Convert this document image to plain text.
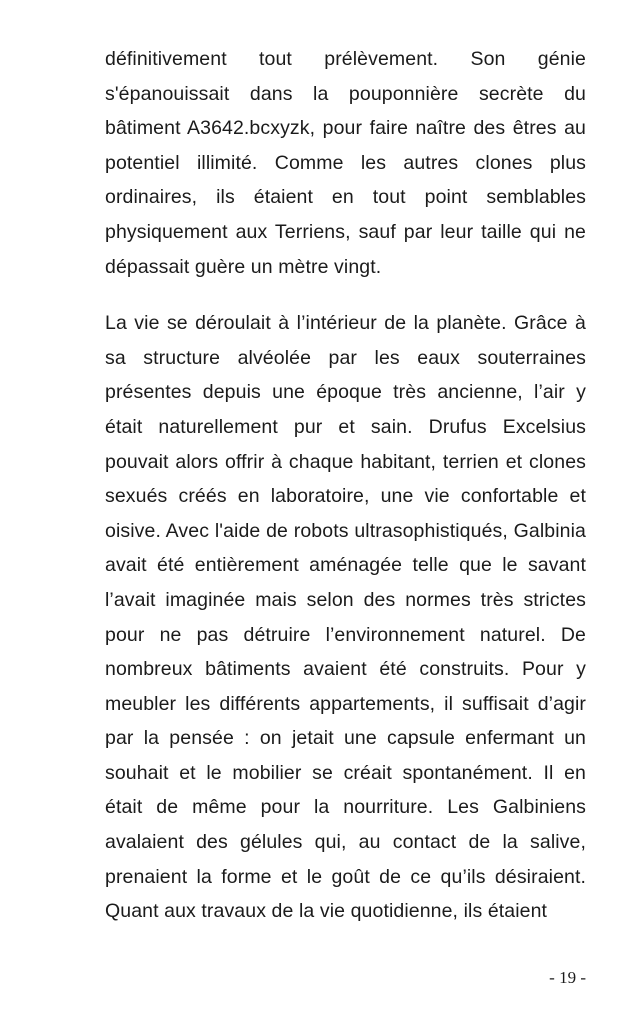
définitivement tout prélèvement. Son génie s'épanouissait dans la pouponnière secrète du bâtiment A3642.bcxyzk, pour faire naître des êtres au potentiel illimité. Comme les autres clones plus ordinaires, ils étaient en tout point semblables physiquement aux Terriens, sauf par leur taille qui ne dépassait guère un mètre vingt.

La vie se déroulait à l’intérieur de la planète. Grâce à sa structure alvéolée par les eaux souterraines présentes depuis une époque très ancienne, l’air y était naturellement pur et sain. Drufus Excelsius pouvait alors offrir à chaque habitant, terrien et clones sexués créés en laboratoire, une vie confortable et oisive. Avec l'aide de robots ultrasophistiqués, Galbinia avait été entièrement aménagée telle que le savant l’avait imaginée mais selon des normes très strictes pour ne pas détruire l’environnement naturel. De nombreux bâtiments avaient été construits. Pour y meubler les différents appartements, il suffisait d’agir par la pensée : on jetait une capsule enfermant un souhait et le mobilier se créait spontanément. Il en était de même pour la nourriture. Les Galbiniens avalaient des gélules qui, au contact de la salive, prenaient la forme et le goût de ce qu’ils désiraient. Quant aux travaux de la vie quotidienne, ils étaient

- 19 -
